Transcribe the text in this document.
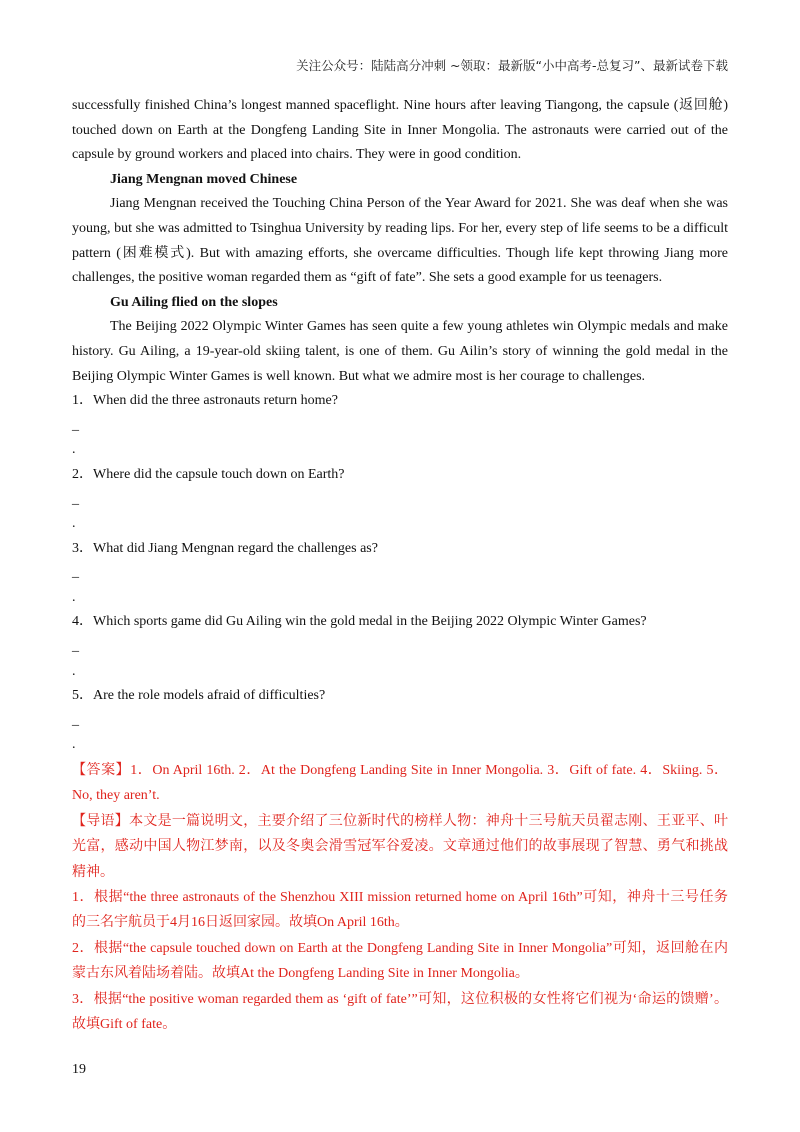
关注公众号：陆陆高分冲刺 ~领取：最新版“小中高考-总复习”、最新试卷下载

successfully finished China’s longest manned spaceflight. Nine hours after leaving Tiangong, the capsule (返回舱) touched down on Earth at the Dongfeng Landing Site in Inner Mongolia. The astronauts were carried out of the capsule by ground workers and placed into chairs. They were in good condition.

Jiang Mengnan moved Chinese

Jiang Mengnan received the Touching China Person of the Year Award for 2021. She was deaf when she was young, but she was admitted to Tsinghua University by reading lips. For her, every step of life seems to be a difficult pattern (困难模式). But with amazing efforts, she overcame difficulties. Though life kept throwing Jiang more challenges, the positive woman regarded them as “gift of fate”. She sets a good example for us teenagers.

Gu Ailing flied on the slopes

The Beijing 2022 Olympic Winter Games has seen quite a few young athletes win Olympic medals and make history. Gu Ailing, a 19-year-old skiing talent, is one of them. Gu Ailin’s story of winning the gold medal in the Beijing Olympic Winter Games is well known. But what we admire most is her courage to challenges.

1．When did the three astronauts return home?

_
.

2．Where did the capsule touch down on Earth?

_
.

3．What did Jiang Mengnan regard the challenges as?

_
.

4．Which sports game did Gu Ailing win the gold medal in the Beijing 2022 Olympic Winter Games?

_
.

5．Are the role models afraid of difficulties?

_
.

【答案】1．On April 16th. 2．At the Dongfeng Landing Site in Inner Mongolia. 3．Gift of fate. 4．Skiing. 5．No, they aren’t.

【导语】本文是一篇说明文，主要介绍了三位新时代的榜样人物：神舟十三号航天员翟志刚、王亚平、叶光富，感动中国人物江梦南，以及冬奥会滑雪冠军谷爱凌。文章通过他们的故事展现了智慧、勇气和挑战精神。

1．根据“the three astronauts of the Shenzhou XIII mission returned home on April 16th”可知，神舟十三号任务的三名宇航员于4月16日返回家园。故填On April 16th。

2．根据“the capsule touched down on Earth at the Dongfeng Landing Site in Inner Mongolia”可知，返回舱在内蒙古东风着陆场着陆。故填At the Dongfeng Landing Site in Inner Mongolia。

3．根据“the positive woman regarded them as ‘gift of fate’”可知，这位积极的女性将它们视为‘命运的馈赠’。故填Gift of fate。

19
